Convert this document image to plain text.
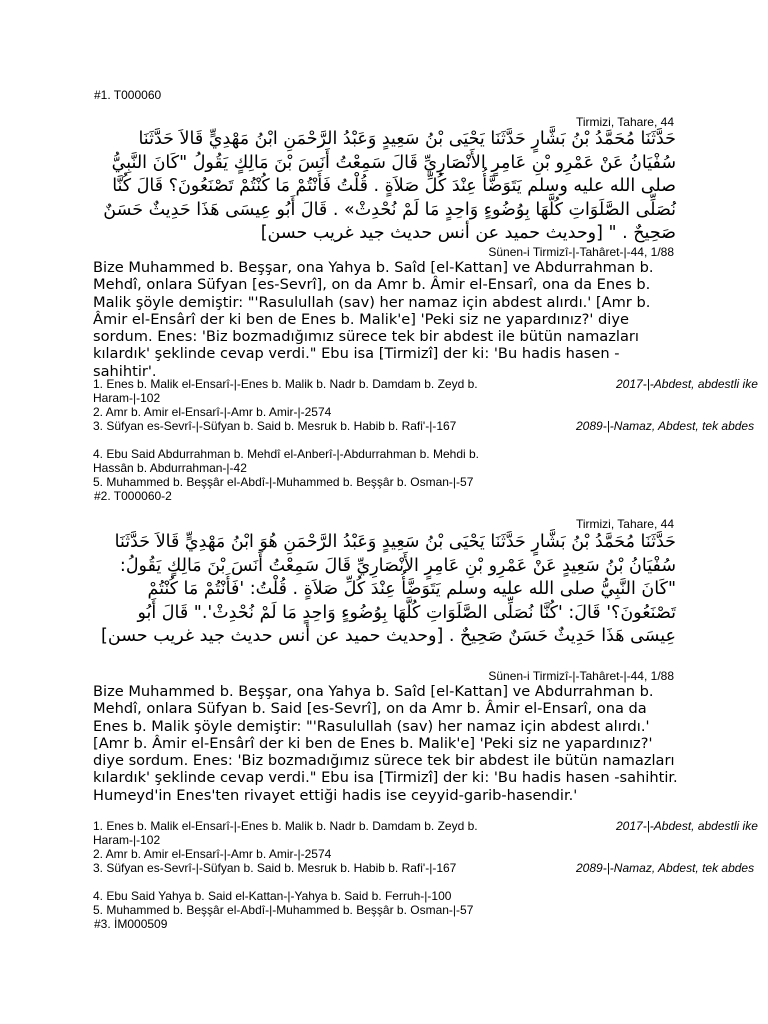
#1. T000060
Tirmizi, Tahare, 44
حَدَّثَنَا مُحَمَّدُ بْنُ بَشَّارٍ حَدَّثَنَا يَحْيَى بْنُ سَعِيدٍ وَعَبْدُ الرَّحْمَنِ ابْنُ مَهْدِيٍّ قَالاَ حَدَّثَنَا سُفْيَانُ عَنْ عَمْرِو بْنِ عَامِرٍ الأَنْصَارِيِّ قَالَ سَمِعْتُ أَنَسَ بْنَ مَالِكٍ يَقُولُ "كَانَ النَّبِيُّ صلى الله عليه وسلم يَتَوَضَّأُ عِنْدَ كُلِّ صَلاَةٍ . قُلْتُ فَأَنْتُمْ مَا كُنْتُمْ تَصْنَعُونَ؟ قَالَ كُنَّا نُصَلِّى الصَّلَوَاتِ كُلَّهَا بِوُضُوءٍ وَاحِدٍ مَا لَمْ نُحْدِثْ» . قَالَ أَبُو عِيسَى هَذَا حَدِيثٌ حَسَنٌ صَحِيحٌ . " [وحديث حميد عن أنس حديث جيد غريب حسن]
Sünen-i Tirmizî-|-Tahâret-|-44, 1/88
Bize Muhammed b. Beşşar, ona Yahya b. Saîd [el-Kattan] ve Abdurrahman b. Mehdî, onlara Süfyan [es-Sevrî], on da Amr b. Âmir el-Ensarî, ona da Enes b. Malik şöyle demiştir: "'Rasulullah (sav) her namaz için abdest alırdı.' [Amr b. Âmir el-Ensârî der ki ben de Enes b. Malik'e] 'Peki siz ne yapardınız?' diye sordum. Enes: 'Biz bozmadığımız sürece tek bir abdest ile bütün namazları kılardık' şeklinde cevap verdi." Ebu isa [Tirmizî] der ki: 'Bu hadis hasen -sahihtir'.
1. Enes b. Malik el-Ensarî-|-Enes b. Malik b. Nadr b. Damdam b. Zeyd b.	2017-|-Abdest, abdestli ike
Haram-|-102
2. Amr b. Amir el-Ensarî-|-Amr b. Amir-|-2574
3. Süfyan es-Sevrî-|-Süfyan b. Said b. Mesruk b. Habib b. Rafi'-|-167	2089-|-Namaz, Abdest, tek abdes
4. Ebu Said Abdurrahman b. Mehdî el-Anberî-|-Abdurrahman b. Mehdi b.
Hassân b. Abdurrahman-|-42
5. Muhammed b. Beşşâr el-Abdî-|-Muhammed b. Beşşâr b. Osman-|-57
#2. T000060-2
Tirmizi, Tahare, 44
حَدَّثَنَا مُحَمَّدُ بْنُ بَشَّارٍ حَدَّثَنَا يَحْيَى بْنُ سَعِيدٍ وَعَبْدُ الرَّحْمَنِ هُوَ ابْنُ مَهْدِيٍّ قَالاَ حَدَّثَنَا سُفْيَانُ بْنُ سَعِيدٍ عَنْ عَمْرِو بْنِ عَامِرٍ الأَنْصَارِيِّ قَالَ سَمِعْتُ أَنَسَ بْنَ مَالِكٍ يَقُولُ: "كَانَ النَّبِيُّ صلى الله عليه وسلم يَتَوَضَّأُ عِنْدَ كُلِّ صَلاَةٍ . قُلْتُ: 'فَأَنْتُمْ مَا كُنْتُمْ تَصْنَعُونَ؟' قَالَ: 'كُنَّا نُصَلِّى الصَّلَوَاتِ كُلَّهَا بِوُضُوءٍ وَاحِدٍ مَا لَمْ نُحْدِثْ'." قَالَ أَبُو عِيسَى هَذَا حَدِيثٌ حَسَنٌ صَحِيحٌ . [وحديث حميد عن أنس حديث جيد غريب حسن]
Sünen-i Tirmizî-|-Tahâret-|-44, 1/88
Bize Muhammed b. Beşşar, ona Yahya b. Saîd [el-Kattan] ve Abdurrahman b. Mehdî, onlara Süfyan b. Said [es-Sevrî], on da Amr b. Âmir el-Ensarî, ona da Enes b. Malik şöyle demiştir: "'Rasulullah (sav) her namaz için abdest alırdı.' [Amr b. Âmir el-Ensârî der ki ben de Enes b. Malik'e] 'Peki siz ne yapardınız?' diye sordum. Enes: 'Biz bozmadığımız sürece tek bir abdest ile bütün namazları kılardık' şeklinde cevap verdi." Ebu isa [Tirmizî] der ki: 'Bu hadis hasen -sahihtir. Humeyd'in Enes'ten rivayet ettiği hadis ise ceyyid-garib-hasendir.'
1. Enes b. Malik el-Ensarî-|-Enes b. Malik b. Nadr b. Damdam b. Zeyd b.	2017-|-Abdest, abdestli ike
Haram-|-102
2. Amr b. Amir el-Ensarî-|-Amr b. Amir-|-2574
3. Süfyan es-Sevrî-|-Süfyan b. Said b. Mesruk b. Habib b. Rafi'-|-167	2089-|-Namaz, Abdest, tek abdes
4. Ebu Said Yahya b. Said el-Kattan-|-Yahya b. Said b. Ferruh-|-100
5. Muhammed b. Beşşâr el-Abdî-|-Muhammed b. Beşşâr b. Osman-|-57
#3. İM000509
